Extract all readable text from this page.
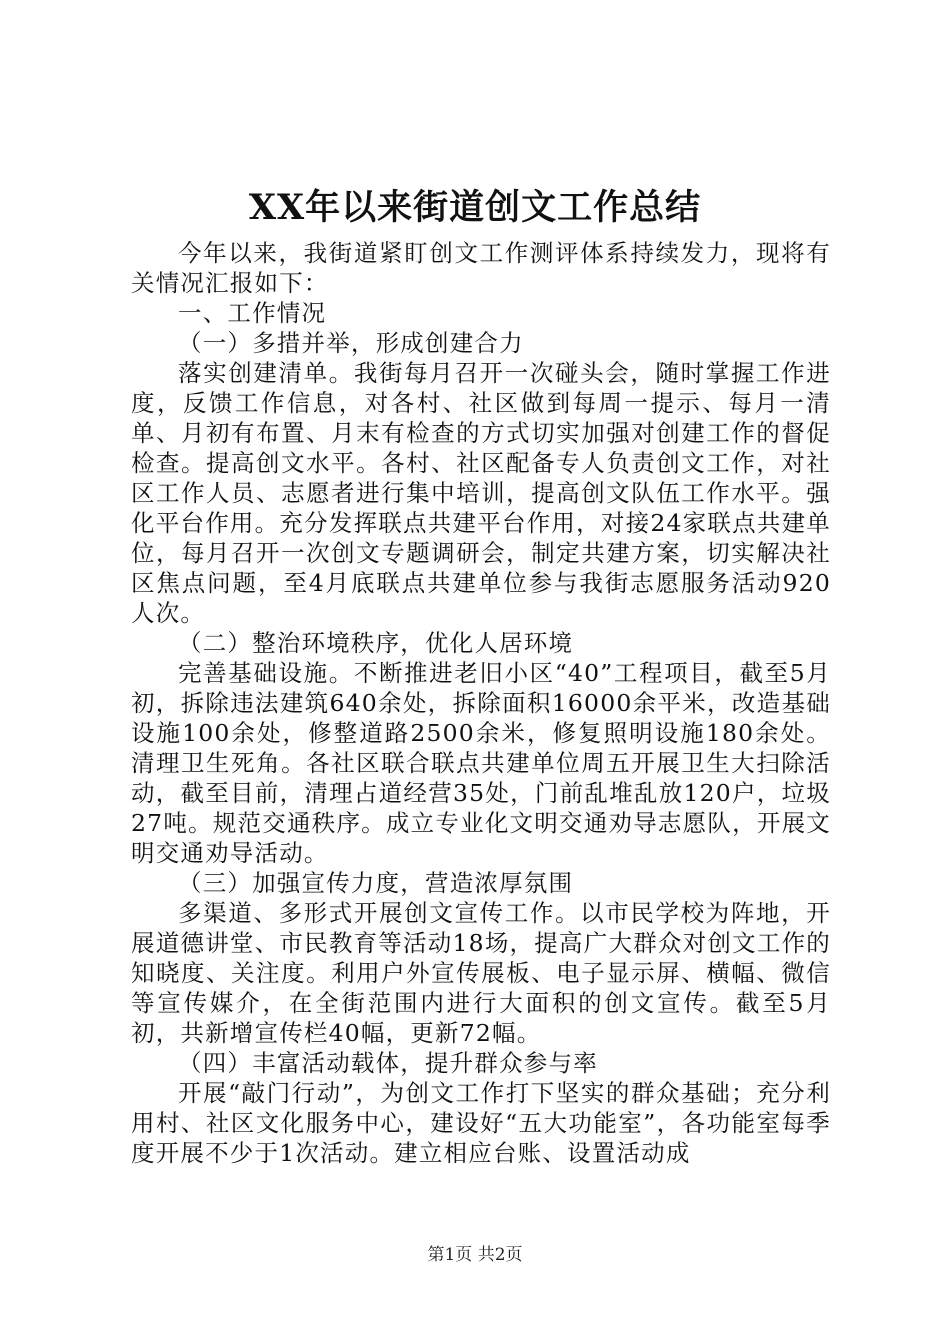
XX年以来街道创文工作总结

今年以来，我街道紧盯创文工作测评体系持续发力，现将有关情况汇报如下：

一、工作情况

（一）多措并举，形成创建合力

落实创建清单。我街每月召开一次碰头会，随时掌握工作进度，反馈工作信息，对各村、社区做到每周一提示、每月一清单、月初有布置、月末有检查的方式切实加强对创建工作的督促检查。提高创文水平。各村、社区配备专人负责创文工作，对社区工作人员、志愿者进行集中培训，提高创文队伍工作水平。强化平台作用。充分发挥联点共建平台作用，对接24家联点共建单位，每月召开一次创文专题调研会，制定共建方案，切实解决社区焦点问题，至4月底联点共建单位参与我街志愿服务活动920人次。

（二）整治环境秩序，优化人居环境

完善基础设施。不断推进老旧小区“40”工程项目，截至5月初，拆除违法建筑640余处，拆除面积16000余平米，改造基础设施100余处，修整道路2500余米，修复照明设施180余处。清理卫生死角。各社区联合联点共建单位周五开展卫生大扫除活动，截至目前，清理占道经营35处，门前乱堆乱放120户，垃圾27吨。规范交通秩序。成立专业化文明交通劝导志愿队，开展文明交通劝导活动。

（三）加强宣传力度，营造浓厚氛围

多渠道、多形式开展创文宣传工作。以市民学校为阵地，开展道德讲堂、市民教育等活动18场，提高广大群众对创文工作的知晓度、关注度。利用户外宣传展板、电子显示屏、横幅、微信等宣传媒介，在全街范围内进行大面积的创文宣传。截至5月初，共新增宣传栏40幅，更新72幅。

（四）丰富活动载体，提升群众参与率

开展“敲门行动”，为创文工作打下坚实的群众基础；充分利用村、社区文化服务中心，建设好“五大功能室”，各功能室每季度开展不少于1次活动。建立相应台账、设置活动成

第1页 共2页
